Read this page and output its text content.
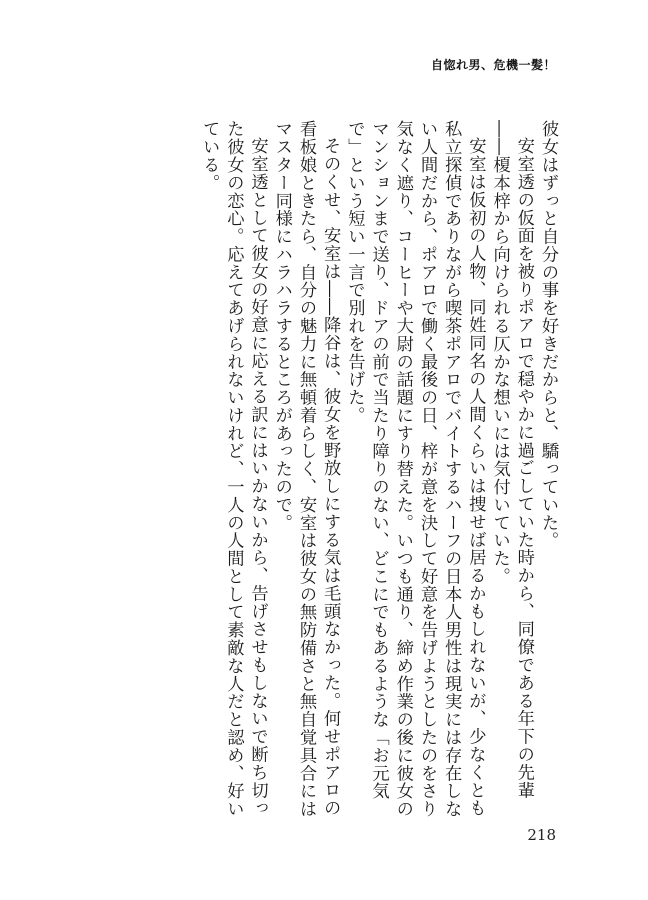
自惚れ男、危機一髪！

彼女はずっと自分の事を好きだからと、驕っていた。

安室透の仮面を被りポアロで穏やかに過ごしていた時から、同僚である年下の先輩――榎本梓から向けられる仄かな想いには気付いていた。

安室は仮初の人物、同姓同名の人間くらいは捜せば居るかもしれないが、少なくとも私立探偵でありながら喫茶ポアロでバイトするハーフの日本人男性は現実には存在しない人間だから、ポアロで働く最後の日、梓が意を決して好意を告げようとしたのをさり気なく遮り、コーヒーや大尉の話題にすり替えた。いつも通り、締め作業の後に彼女のマンションまで送り、ドアの前で当たり障りのない、どこにでもあるような「お元気で」という短い一言で別れを告げた。

そのくせ、安室は――降谷は、彼女を野放しにする気は毛頭なかった。何せポアロの看板娘ときたら、自分の魅力に無頓着らしく、安室は彼女の無防備さと無自覚具合にはマスター同様にハラハラするところがあったので。

安室透として彼女の好意に応える訳にはいかないから、告げさせもしないで断ち切った彼女の恋心。応えてあげられないけれど、一人の人間として素敵な人だと認め、好いている。

218
